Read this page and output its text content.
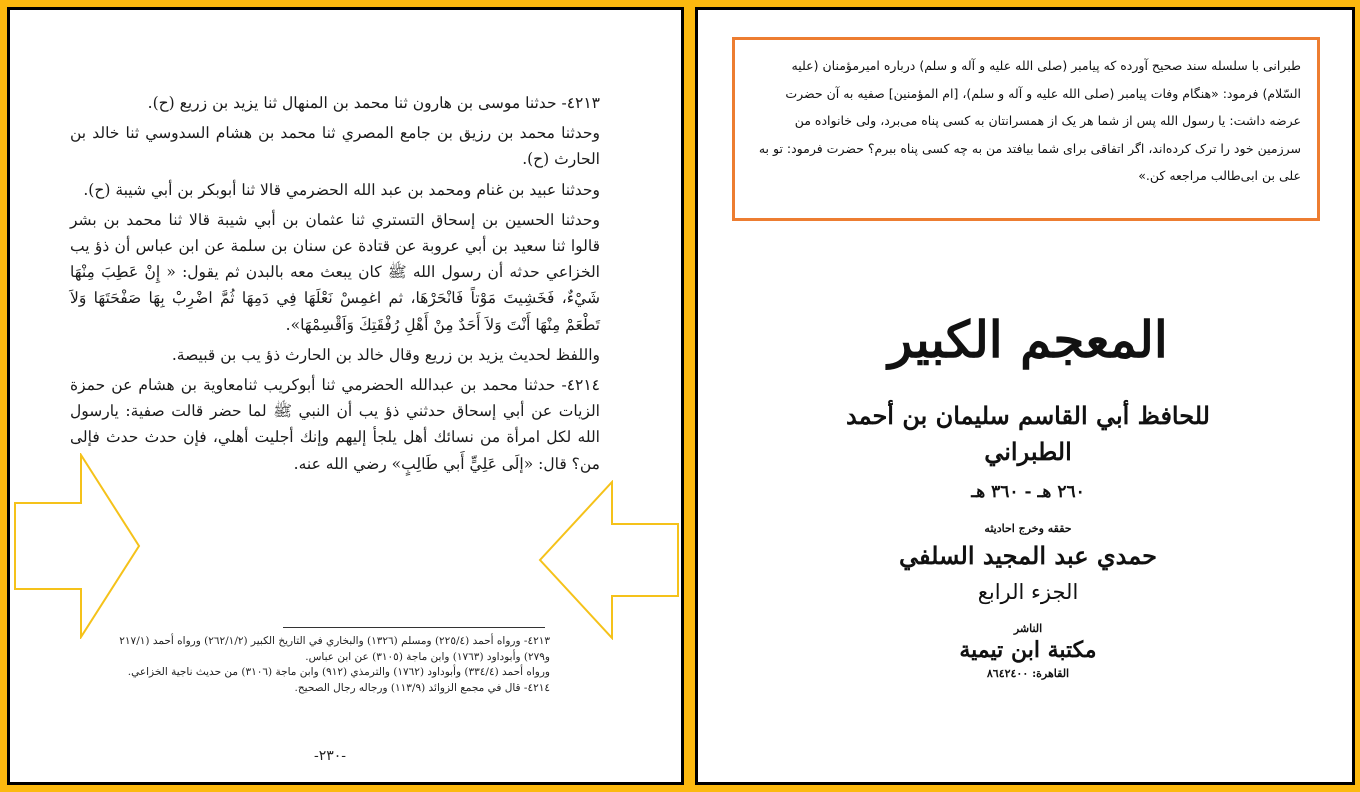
٤٢١٣- حدثنا موسى بن هارون ثنا محمد بن المنهال ثنا يزيد بن زريع (ح).

وحدثنا محمد بن رزيق بن جامع المصري ثنا محمد بن هشام السدوسي ثنا خالد بن الحارث (ح).

وحدثنا عبيد بن غنام ومحمد بن عبد الله الحضرمي قالا ثنا أبوبكر بن أبي شيبة (ح).

وحدثنا الحسين بن إسحاق التستري ثنا عثمان بن أبي شيبة قالا ثنا محمد بن بشر قالوا ثنا سعيد بن أبي عروبة عن قتادة عن سنان بن سلمة عن ابن عباس أن ذؤ يب الخزاعي حدثه أن رسول الله ﷺ كان يبعث معه بالبدن ثم يقول: « إِنْ عَطِبَ مِنْهَا شَيْءٌ، فَخَشِيتَ مَوْتاً فَانْحَرْهَا، ثم اغمِسْ نَعْلَهَا فِي دَمِهَا ثُمَّ اضْرِبْ بِهَا صَفْحَتَهَا وَلاَ تَطْعَمْ مِنْهَا أَنْتَ وَلاَ أَحَدٌ مِنْ أَهْلِ رُفْقَتِكَ وَاَقْسِمْهَا».

واللفظ لحديث يزيد بن زريع وقال خالد بن الحارث ذؤ يب بن قبيصة.

٤٢١٤- حدثنا محمد بن عبدالله الحضرمي ثنا أبوكريب ثنامعاوية بن هشام عن حمزة الزيات عن أبي إسحاق حدثني ذؤ يب أن النبي ﷺ لما حضر قالت صفية: يارسول الله لكل امرأة من نسائك أهل يلجأ إليهم وإنك أجليت أهلي، فإن حدث حدث فإلى من؟ قال: «إلَى عَلِيٍّ أَبي طَالِبٍ» رضي الله عنه.

٤٢١٣- ورواه أحمد (٢٢٥/٤) ومسلم (١٣٢٦) والبخاري في التاريخ الكبير (٢٦٢/١/٢) ورواه أحمد (٢١٧/١ و٢٧٩) وأبوداود (١٧٦٣) وابن ماجة (٣١٠٥) عن ابن عباس.
ورواه أحمد (٣٣٤/٤) وأبوداود (١٧٦٢) والترمذي (٩١٢) وابن ماجة (٣١٠٦) من حديث ناجية الخزاعي.
٤٢١٤- قال في مجمع الزوائد (١١٣/٩) ورجاله رجال الصحيح.
-٢٣٠-
طبرانی با سلسله سند صحیح آورده که پیامبر (صلی الله علیه و آله و سلم) درباره امیرمؤمنان (علیه السّلام) فرمود: «هنگام وفات پیامبر (صلی الله علیه و آله و سلم)، [ام المؤمنین] صفیه به آن حضرت عرضه داشت: یا رسول الله پس از شما هر یک از همسرانتان به کسی پناه می‌برد، ولی خانواده من سرزمین خود را ترک کرده‌اند، اگر اتفاقی برای شما بیافتد من به چه کسی پناه ببرم؟ حضرت فرمود: تو به علی بن ابی‌طالب مراجعه کن.»
المعجم الكبير
للحافظ أبي القاسم سليمان بن أحمد الطبراني
٢٦٠ هـ - ٣٦٠ هـ
حققه وخرج احاديثه
حمدي عبد المجيد السلفي
الجزء الرابع
الناشر
مكتبة ابن تيمية
القاهرة: ٨٦٤٢٤٠٠
